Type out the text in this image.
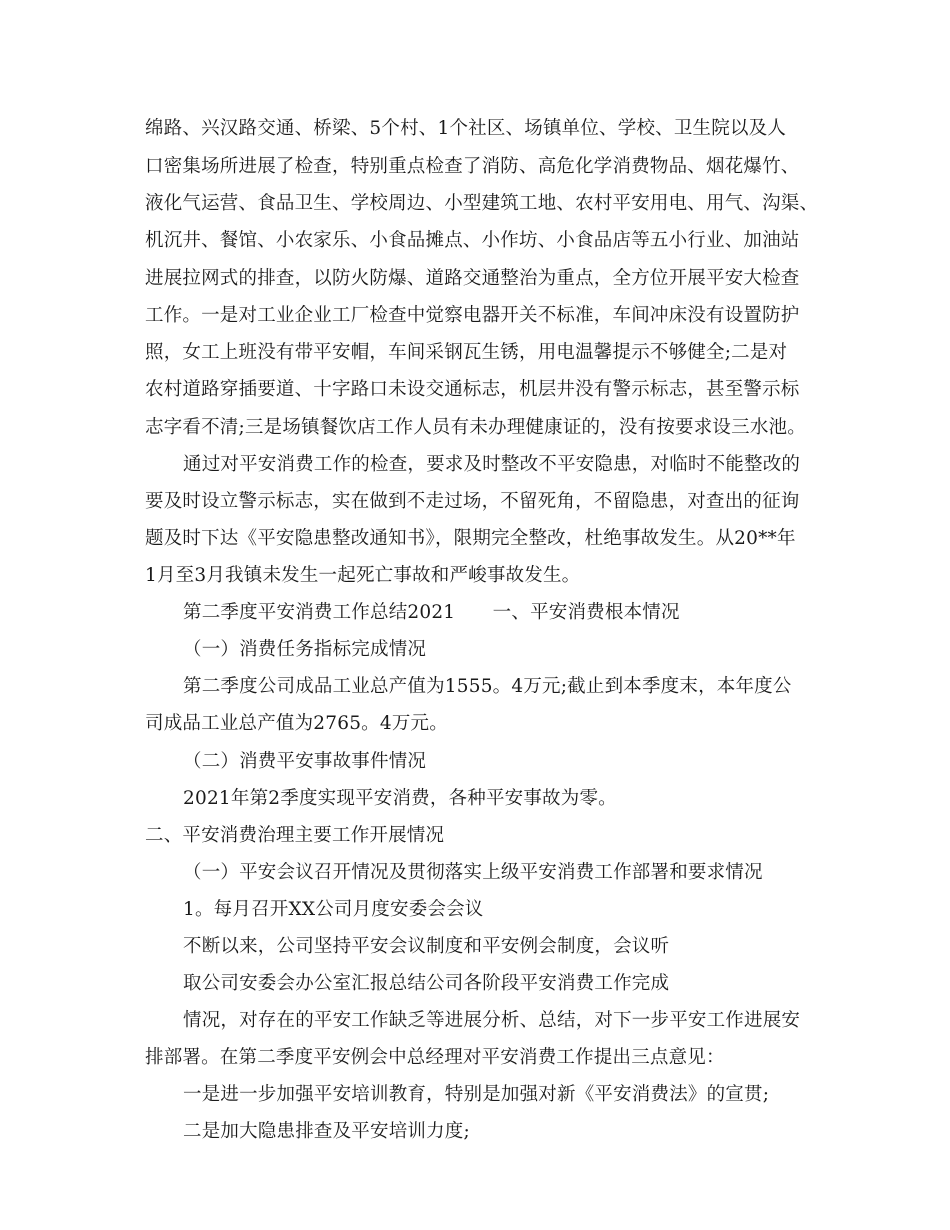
绵路、兴汉路交通、桥梁、5个村、1个社区、场镇单位、学校、卫生院以及人
口密集场所进展了检查，特别重点检查了消防、高危化学消费物品、烟花爆竹、
液化气运营、食品卫生、学校周边、小型建筑工地、农村平安用电、用气、沟渠、
机沉井、餐馆、小农家乐、小食品摊点、小作坊、小食品店等五小行业、加油站
进展拉网式的排查，以防火防爆、道路交通整治为重点，全方位开展平安大检查
工作。一是对工业企业工厂检查中觉察电器开关不标准，车间冲床没有设置防护
照，女工上班没有带平安帽，车间采钢瓦生锈，用电温馨提示不够健全;二是对
农村道路穿插要道、十字路口未设交通标志，机层井没有警示标志，甚至警示标
志字看不清;三是场镇餐饮店工作人员有未办理健康证的，没有按要求设三水池。
通过对平安消费工作的检查，要求及时整改不平安隐患，对临时不能整改的
要及时设立警示标志，实在做到不走过场，不留死角，不留隐患，对查出的征询
题及时下达《平安隐患整改通知书》，限期完全整改，杜绝事故发生。从20**年
1月至3月我镇未发生一起死亡事故和严峻事故发生。
第二季度平安消费工作总结2021　　一、平安消费根本情况
（一）消费任务指标完成情况
第二季度公司成品工业总产值为1555。4万元;截止到本季度末，本年度公
司成品工业总产值为2765。4万元。
（二）消费平安事故事件情况
2021年第2季度实现平安消费，各种平安事故为零。
二、平安消费治理主要工作开展情况
（一）平安会议召开情况及贯彻落实上级平安消费工作部署和要求情况
1。每月召开XX公司月度安委会会议
不断以来，公司坚持平安会议制度和平安例会制度，会议听
取公司安委会办公室汇报总结公司各阶段平安消费工作完成
情况，对存在的平安工作缺乏等进展分析、总结，对下一步平安工作进展安
排部署。在第二季度平安例会中总经理对平安消费工作提出三点意见：
一是进一步加强平安培训教育，特别是加强对新《平安消费法》的宣贯;
二是加大隐患排查及平安培训力度;
